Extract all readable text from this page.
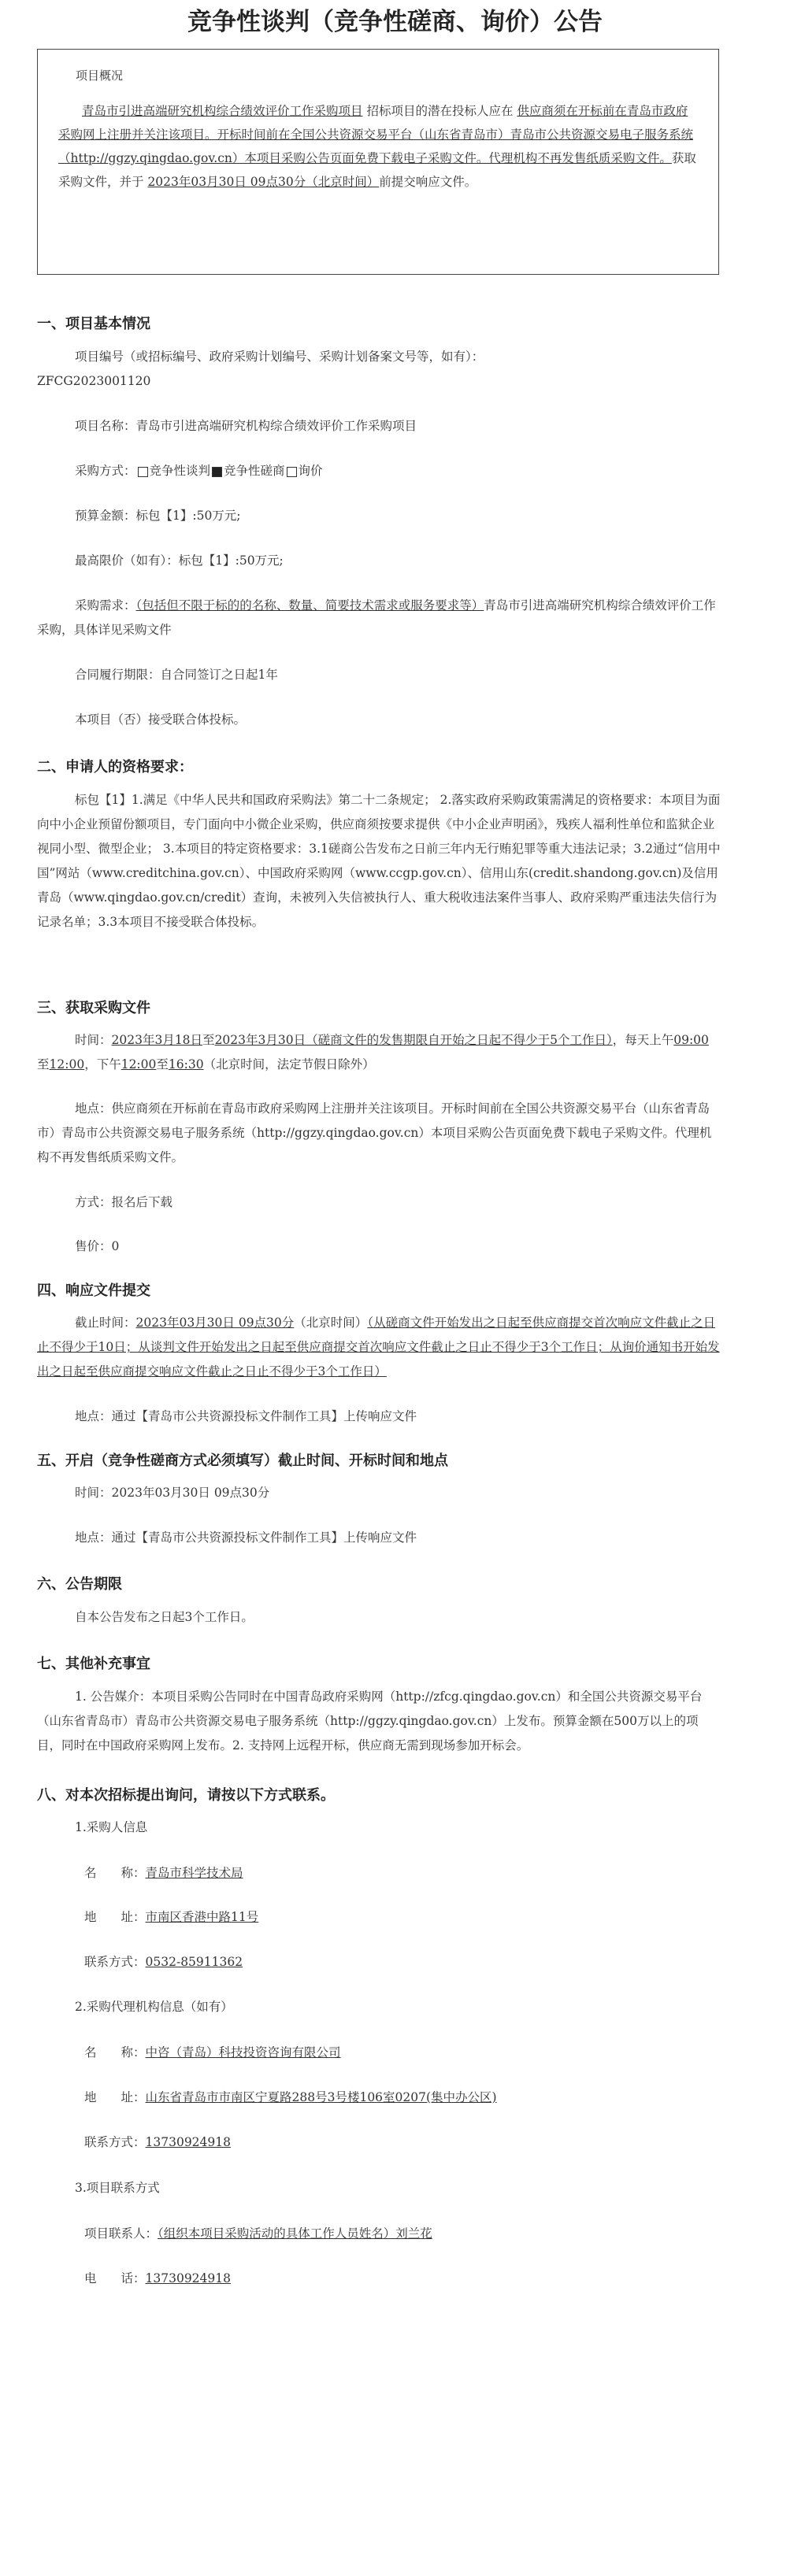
竞争性谈判（竞争性磋商、询价）公告
项目概况
青岛市引进高端研究机构综合绩效评价工作采购项目 招标项目的潜在投标人应在 供应商须在开标前在青岛市政府采购网上注册并关注该项目。开标时间前在全国公共资源交易平台（山东省青岛市）青岛市公共资源交易电子服务系统（http://ggzy.qingdao.gov.cn）本项目采购公告页面免费下载电子采购文件。代理机构不再发售纸质采购文件。获取采购文件，并于 2023年03月30日 09点30分（北京时间）前提交响应文件。
一、项目基本情况
项目编号（或招标编号、政府采购计划编号、采购计划备案文号等，如有）：
ZFCG2023001120
项目名称：青岛市引进高端研究机构综合绩效评价工作采购项目
采购方式： 竞争性谈判 竞争性磋商 询价
预算金额：标包【1】:50万元;
最高限价（如有）：标包【1】:50万元;
采购需求：（包括但不限于标的的名称、数量、简要技术需求或服务要求等）青岛市引进高端研究机构综合绩效评价工作采购，具体详见采购文件
合同履行期限：自合同签订之日起1年
本项目（否）接受联合体投标。
二、申请人的资格要求：
标包【1】1.满足《中华人民共和国政府采购法》第二十二条规定； 2.落实政府采购政策需满足的资格要求：本项目为面向中小企业预留份额项目，专门面向中小微企业采购，供应商须按要求提供《中小企业声明函》，残疾人福利性单位和监狱企业视同小型、微型企业； 3.本项目的特定资格要求：3.1磋商公告发布之日前三年内无行贿犯罪等重大违法记录；3.2通过“信用中国”网站（www.creditchina.gov.cn）、中国政府采购网（www.ccgp.gov.cn）、信用山东(credit.shandong.gov.cn)及信用青岛（www.qingdao.gov.cn/credit）查询，未被列入失信被执行人、重大税收违法案件当事人、政府采购严重违法失信行为记录名单；3.3本项目不接受联合体投标。
三、获取采购文件
时间：2023年3月18日至2023年3月30日（磋商文件的发售期限自开始之日起不得少于5个工作日），每天上午09:00至12:00，下午12:00至16:30（北京时间，法定节假日除外）
地点：供应商须在开标前在青岛市政府采购网上注册并关注该项目。开标时间前在全国公共资源交易平台（山东省青岛市）青岛市公共资源交易电子服务系统（http://ggzy.qingdao.gov.cn）本项目采购公告页面免费下载电子采购文件。代理机构不再发售纸质采购文件。
方式：报名后下载
售价：0
四、响应文件提交
截止时间：2023年03月30日 09点30分（北京时间）（从磋商文件开始发出之日起至供应商提交首次响应文件截止之日止不得少于10日；从谈判文件开始发出之日起至供应商提交首次响应文件截止之日止不得少于3个工作日；从询价通知书开始发出之日起至供应商提交响应文件截止之日止不得少于3个工作日）
地点：通过【青岛市公共资源投标文件制作工具】上传响应文件
五、开启（竞争性磋商方式必须填写）截止时间、开标时间和地点
时间：2023年03月30日 09点30分
地点：通过【青岛市公共资源投标文件制作工具】上传响应文件
六、公告期限
自本公告发布之日起3个工作日。
七、其他补充事宜
1. 公告媒介：本项目采购公告同时在中国青岛政府采购网（http://zfcg.qingdao.gov.cn）和全国公共资源交易平台（山东省青岛市）青岛市公共资源交易电子服务系统（http://ggzy.qingdao.gov.cn）上发布。预算金额在500万以上的项目，同时在中国政府采购网上发布。2. 支持网上远程开标，供应商无需到现场参加开标会。
八、对本次招标提出询问，请按以下方式联系。
1.采购人信息
名　　称：青岛市科学技术局
地　　址：市南区香港中路11号
联系方式：0532-85911362
2.采购代理机构信息（如有）
名　　称：中咨（青岛）科技投资咨询有限公司
地　　址：山东省青岛市市南区宁夏路288号3号楼106室0207(集中办公区)
联系方式：13730924918
3.项目联系方式
项目联系人：（组织本项目采购活动的具体工作人员姓名）刘兰花
电　　话：13730924918
